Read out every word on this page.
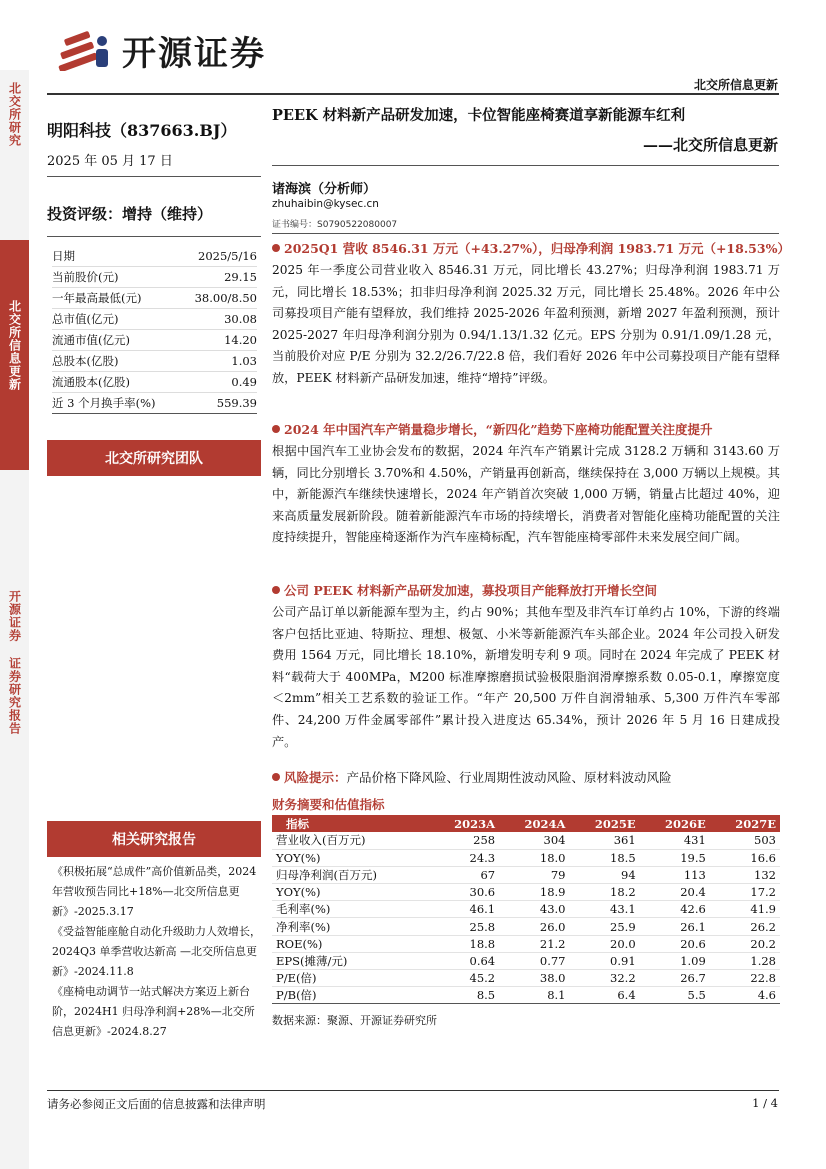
北交所研究
北交所信息更新
开源证券 证券研究报告
开源证券
北交所信息更新
明阳科技（837663.BJ）
2025 年 05 月 17 日
投资评级：增持（维持）
日期	2025/5/16
当前股价(元)	29.15
一年最高最低(元)	38.00/8.50
总市值(亿元)	30.08
流通市值(亿元)	14.20
总股本(亿股)	1.03
流通股本(亿股)	0.49
近 3 个月换手率(%)	559.39
北交所研究团队
相关研究报告
《积极拓展“总成件”高价值新品类，2024 年营收预告同比+18%—北交所信息更新》-2025.3.17
《受益智能座舱自动化升级助力人效增长，2024Q3 单季营收达新高 —北交所信息更新》-2024.11.8
《座椅电动调节一站式解决方案迈上新台阶，2024H1 归母净利润+28%—北交所信息更新》-2024.8.27
PEEK 材料新产品研发加速，卡位智能座椅赛道享新能源车红利
——北交所信息更新
诸海滨（分析师）
zhuhaibin@kysec.cn
证书编号：S0790522080007
2025Q1 营收 8546.31 万元（+43.27%），归母净利润 1983.71 万元（+18.53%）
2025 年一季度公司营业收入 8546.31 万元，同比增长 43.27%；归母净利润 1983.71 万元，同比增长 18.53%；扣非归母净利润 2025.32 万元，同比增长 25.48%。2026 年中公司募投项目产能有望释放，我们维持 2025-2026 年盈利预测，新增 2027 年盈利预测，预计 2025-2027 年归母净利润分别为 0.94/1.13/1.32 亿元。EPS 分别为 0.91/1.09/1.28 元，当前股价对应 P/E 分别为 32.2/26.7/22.8 倍，我们看好 2026 年中公司募投项目产能有望释放，PEEK 材料新产品研发加速，维持“增持”评级。
2024 年中国汽车产销量稳步增长，“新四化”趋势下座椅功能配置关注度提升
根据中国汽车工业协会发布的数据，2024 年汽车产销累计完成 3128.2 万辆和 3143.60 万辆，同比分别增长 3.70%和 4.50%，产销量再创新高，继续保持在 3,000 万辆以上规模。其中，新能源汽车继续快速增长，2024 年产销首次突破 1,000 万辆，销量占比超过 40%，迎来高质量发展新阶段。随着新能源汽车市场的持续增长，消费者对智能化座椅功能配置的关注度持续提升，智能座椅逐渐作为汽车座椅标配，汽车智能座椅零部件未来发展空间广阔。
公司 PEEK 材料新产品研发加速，募投项目产能释放打开增长空间
公司产品订单以新能源车型为主，约占 90%；其他车型及非汽车订单约占 10%，下游的终端客户包括比亚迪、特斯拉、理想、极氪、小米等新能源汽车头部企业。2024 年公司投入研发费用 1564 万元，同比增长 18.10%，新增发明专利 9 项。同时在 2024 年完成了 PEEK 材料“载荷大于 400MPa，M200 标准摩擦磨损试验极限脂润滑摩擦系数 0.05-0.1，摩擦宽度＜2mm”相关工艺系数的验证工作。“年产 20,500 万件自润滑轴承、5,300 万件汽车零部件、24,200 万件金属零部件”累计投入进度达 65.34%，预计 2026 年 5 月 16 日建成投产。
风险提示：产品价格下降风险、行业周期性波动风险、原材料波动风险
财务摘要和估值指标
指标	2023A	2024A	2025E	2026E	2027E
营业收入(百万元)	258	304	361	431	503
YOY(%)	24.3	18.0	18.5	19.5	16.6
归母净利润(百万元)	67	79	94	113	132
YOY(%)	30.6	18.9	18.2	20.4	17.2
毛利率(%)	46.1	43.0	43.1	42.6	41.9
净利率(%)	25.8	26.0	25.9	26.1	26.2
ROE(%)	18.8	21.2	20.0	20.6	20.2
EPS(摊薄/元)	0.64	0.77	0.91	1.09	1.28
P/E(倍)	45.2	38.0	32.2	26.7	22.8
P/B(倍)	8.5	8.1	6.4	5.5	4.6
数据来源：聚源、开源证券研究所
请务必参阅正文后面的信息披露和法律声明	1 / 4
